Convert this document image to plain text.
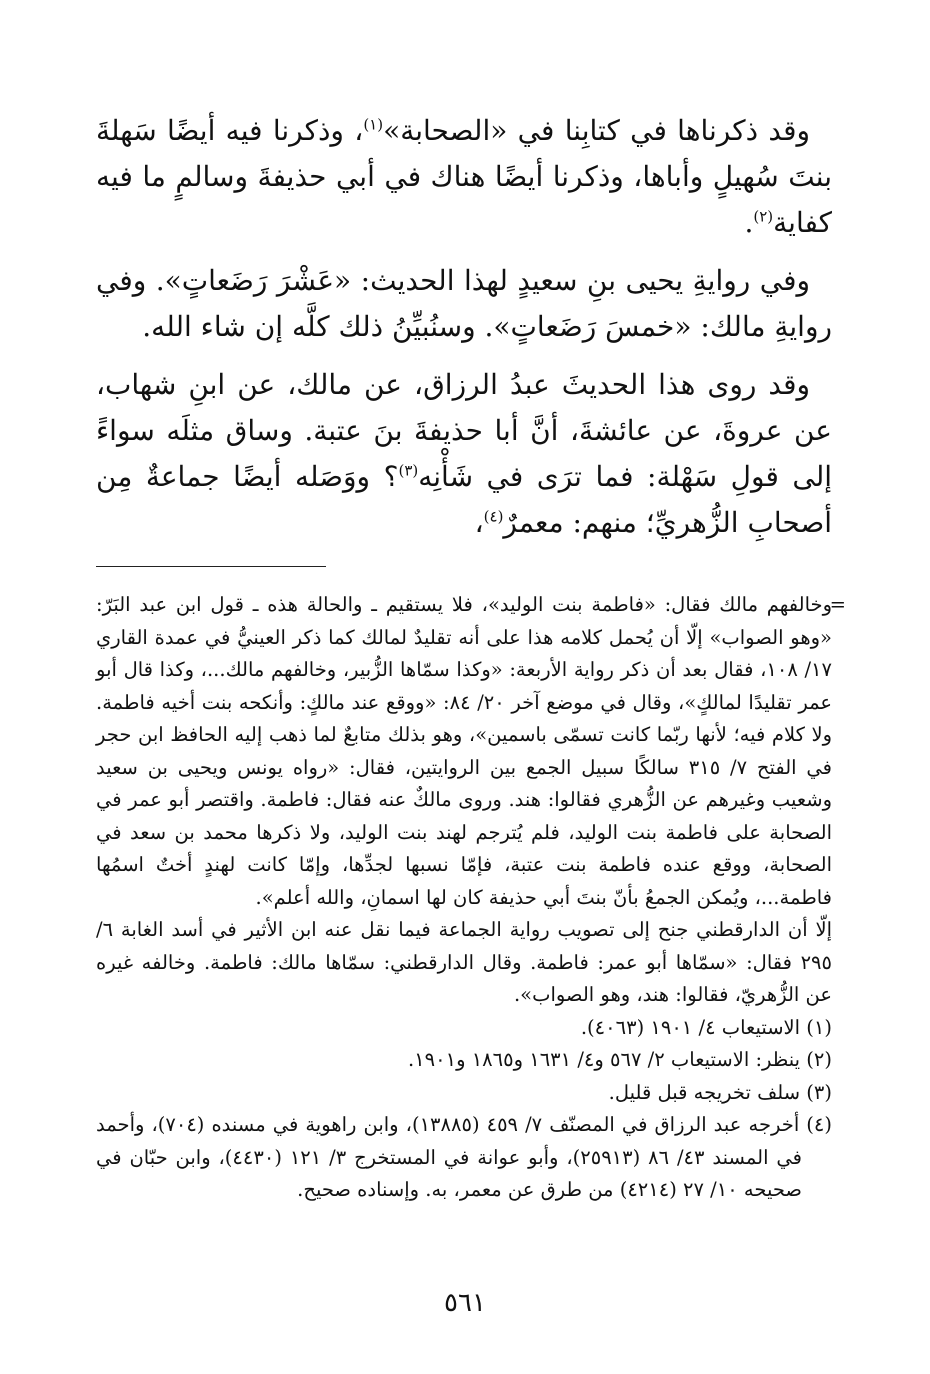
وقد ذكرناها في كتابِنا في «الصحابة»$^{(١)}$، وذكرنا فيه أيضًا سَهلةَ بنتَ سُهيلٍ وأباها، وذكرنا أيضًا هناك في أبي حذيفةَ وسالمٍ ما فيه كفاية$^{(٢)}$.

وفي روايةِ يحيى بنِ سعيدٍ لهذا الحديث: «عَشْرَ رَضَعاتٍ». وفي روايةِ مالك: «خمسَ رَضَعاتٍ». وسنُبيِّنُ ذلك كلَّه إن شاء الله.

وقد روى هذا الحديثَ عبدُ الرزاق، عن مالك، عن ابنِ شهاب، عن عروةَ، عن عائشةَ، أنَّ أبا حذيفةَ بنَ عتبة. وساق مثلَه سواءً إلى قولِ سَهْلة: فما ترَى في شَأْنِه$^{(٣)}$؟ ووَصَله أيضًا جماعةٌ مِن أصحابِ الزُّهريِّ؛ منهم: معمرٌ$^{(٤)}$،

=
وخالفهم مالك فقال: «فاطمة بنت الوليد»، فلا يستقيم ـ والحالة هذه ـ قول ابن عبد البَرّ: «وهو الصواب» إلّا أن يُحمل كلامه هذا على أنه تقليدٌ لمالك كما ذكر العينيُّ في عمدة القاري ١٧/ ١٠٨، فقال بعد أن ذكر رواية الأربعة: «وكذا سمّاها الزُّبير، وخالفهم مالك...، وكذا قال أبو عمر تقليدًا لمالكٍ»، وقال في موضع آخر ٢٠/ ٨٤: «ووقع عند مالكٍ: وأنكحه بنت أخيه فاطمة. ولا كلام فيه؛ لأنها ربّما كانت تسمّى باسمين»، وهو بذلك متابعٌ لما ذهب إليه الحافظ ابن حجر في الفتح ٧/ ٣١٥ سالكًا سبيل الجمع بين الروايتين، فقال: «رواه يونس ويحيى بن سعيد وشعيب وغيرهم عن الزُّهري فقالوا: هند. وروى مالكٌ عنه فقال: فاطمة. واقتصر أبو عمر في الصحابة على فاطمة بنت الوليد، فلم يُترجم لهند بنت الوليد، ولا ذكرها محمد بن سعد في الصحابة، ووقع عنده فاطمة بنت عتبة، فإمّا نسبها لجدِّها، وإمّا كانت لهندٍ أختٌ اسمُها فاطمة...، ويُمكن الجمعُ بأنّ بنتَ أبي حذيفة كان لها اسمانِ، والله أعلم».

إلّا أن الدارقطني جنح إلى تصويب رواية الجماعة فيما نقل عنه ابن الأثير في أسد الغابة ٦/ ٢٩٥ فقال: «سمّاها أبو عمر: فاطمة. وقال الدارقطني: سمّاها مالك: فاطمة. وخالفه غيره عن الزُّهريّ، فقالوا: هند، وهو الصواب».

(١) الاستيعاب ٤/ ١٩٠١ (٤٠٦٣).

(٢) ينظر: الاستيعاب ٢/ ٥٦٧ و٤/ ١٦٣١ و١٨٦٥ و١٩٠١.

(٣) سلف تخريجه قبل قليل.

(٤) أخرجه عبد الرزاق في المصنّف ٧/ ٤٥٩ (١٣٨٨٥)، وابن راهوية في مسنده (٧٠٤)، وأحمد في المسند ٤٣/ ٨٦ (٢٥٩١٣)، وأبو عوانة في المستخرج ٣/ ١٢١ (٤٤٣٠)، وابن حبّان في صحيحه ١٠/ ٢٧ (٤٢١٤) من طرق عن معمر، به. وإسناده صحيح.

٥٦١
